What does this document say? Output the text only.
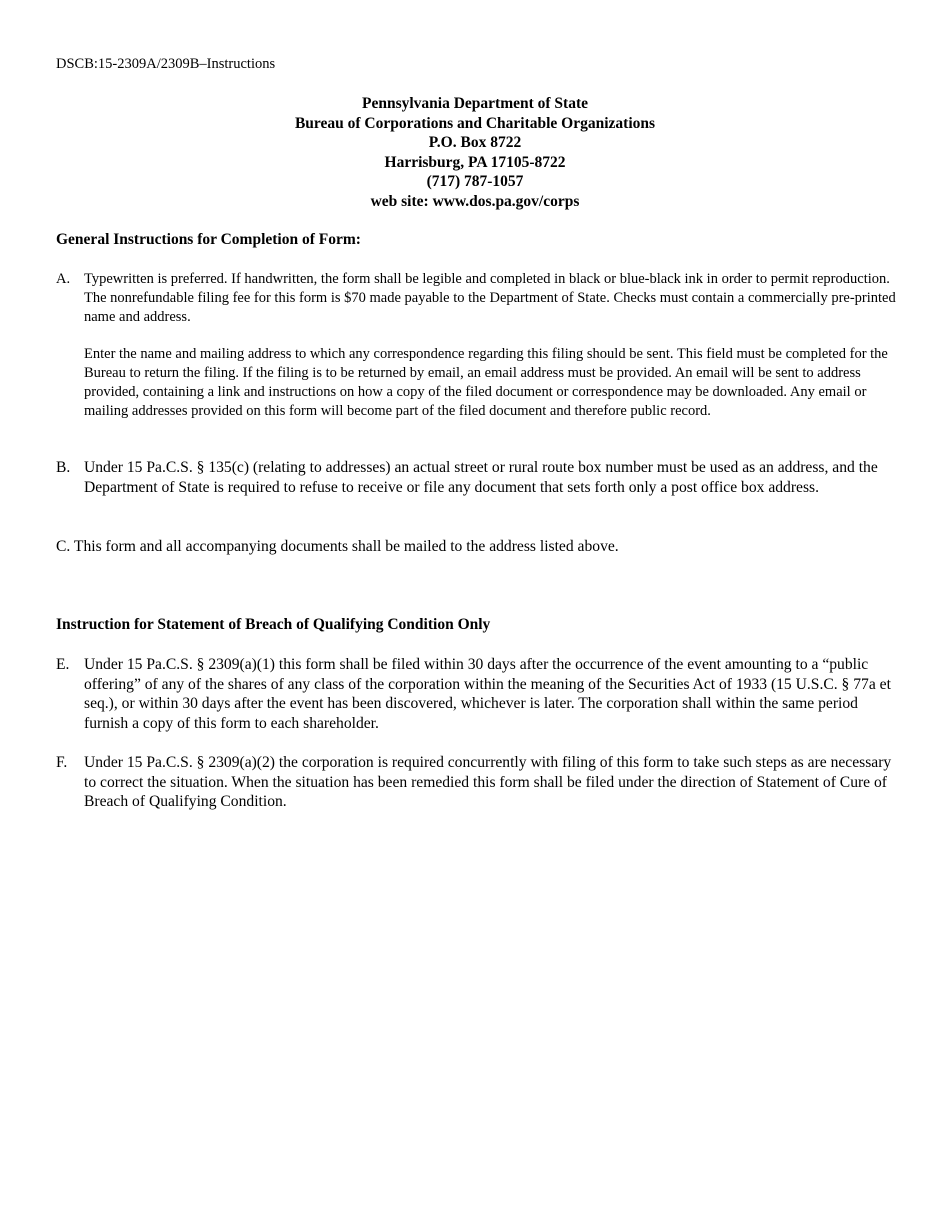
DSCB:15-2309A/2309B–Instructions
Pennsylvania Department of State
Bureau of Corporations and Charitable Organizations
P.O. Box 8722
Harrisburg, PA 17105-8722
(717) 787-1057
web site: www.dos.pa.gov/corps
General Instructions for Completion of Form:
A. Typewritten is preferred. If handwritten, the form shall be legible and completed in black or blue-black ink in order to permit reproduction. The nonrefundable filing fee for this form is $70 made payable to the Department of State. Checks must contain a commercially pre-printed name and address.
Enter the name and mailing address to which any correspondence regarding this filing should be sent. This field must be completed for the Bureau to return the filing. If the filing is to be returned by email, an email address must be provided. An email will be sent to address provided, containing a link and instructions on how a copy of the filed document or correspondence may be downloaded. Any email or mailing addresses provided on this form will become part of the filed document and therefore public record.
B. Under 15 Pa.C.S. § 135(c) (relating to addresses) an actual street or rural route box number must be used as an address, and the Department of State is required to refuse to receive or file any document that sets forth only a post office box address.
C. This form and all accompanying documents shall be mailed to the address listed above.
Instruction for Statement of Breach of Qualifying Condition Only
E. Under 15 Pa.C.S. § 2309(a)(1) this form shall be filed within 30 days after the occurrence of the event amounting to a “public offering” of any of the shares of any class of the corporation within the meaning of the Securities Act of 1933 (15 U.S.C. § 77a et seq.), or within 30 days after the event has been discovered, whichever is later. The corporation shall within the same period furnish a copy of this form to each shareholder.
F. Under 15 Pa.C.S. § 2309(a)(2) the corporation is required concurrently with filing of this form to take such steps as are necessary to correct the situation. When the situation has been remedied this form shall be filed under the direction of Statement of Cure of Breach of Qualifying Condition.
